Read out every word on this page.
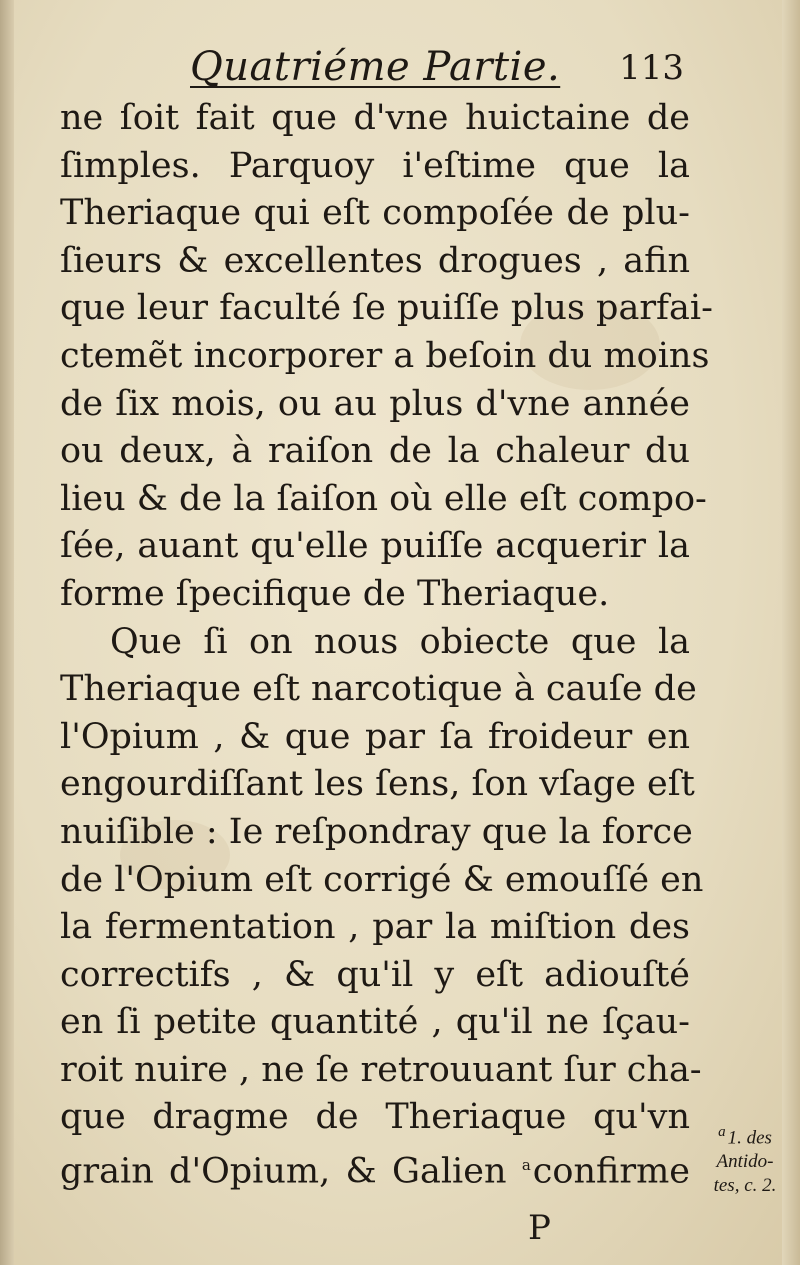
Quatriéme Partie. 113
ne ſoit fait que d'vne huictaine de
ſimples. Parquoy i'eſtime que la
Theriaque qui eſt compoſée de plu-
ſieurs & excellentes drogues , afin
que leur faculté ſe puiſſe plus parfai-
ctemẽt incorporer a beſoin du moins
de ſix mois, ou au plus d'vne année
ou deux, à raiſon de la chaleur du
lieu & de la ſaiſon où elle eſt compo-
ſée, auant qu'elle puiſſe acquerir la
forme ſpecifique de Theriaque.
Que ſi on nous obiecte que la
Theriaque eſt narcotique à cauſe de
l'Opium , & que par ſa froideur en
engourdiſſant les ſens, ſon vſage eſt
nuiſible : Ie reſpondray que la force
de l'Opium eſt corrigé & emouſſé en
la fermentation , par la miſtion des
correctifs , & qu'il y eſt adiouſté
en ſi petite quantité , qu'il ne ſçau-
roit nuire , ne ſe retrouuant ſur cha-
que dragme de Theriaque qu'vn
grain d'Opium, & Galien $^a$confirme
$^a$ 1. des
Antido-
tes, c. 2.
P
